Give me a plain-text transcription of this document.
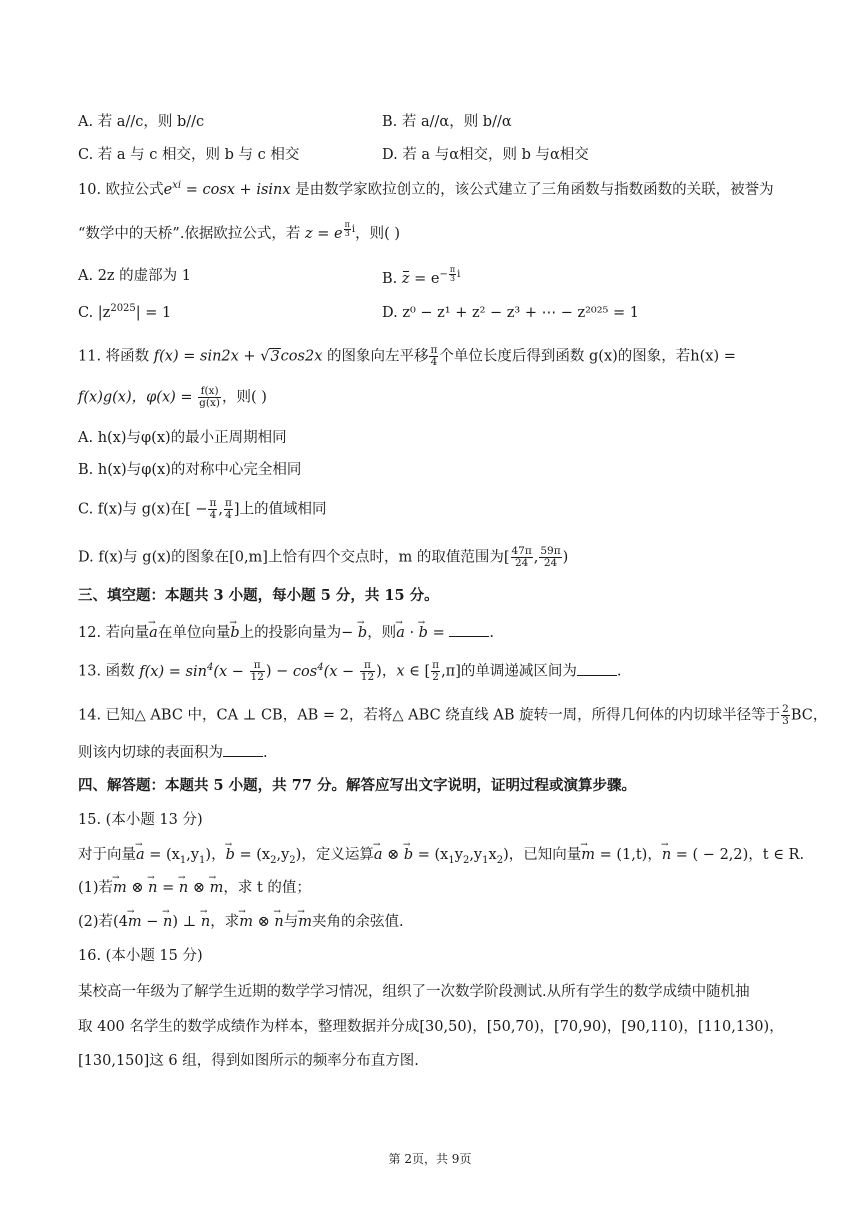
A. 若 a//c，则 b//c	B. 若 a//α，则 b//α
C. 若 a 与 c 相交，则 b 与 c 相交	D. 若 a 与α相交，则 b 与α相交
10. 欧拉公式$e^{xi} = \cos x + isinx$ 是由数学家欧拉创立的，该公式建立了三角函数与指数函数的关联，被誉为
“数学中的天桥”.依据欧拉公式，若 z = e $^{\frac{\pi}{3} i}$，则( )
A. 2z 的虚部为 1	B. $z = e^{- \frac{\pi}{3} i}$
C. $|z^{2025}| = 1$	D. z⁰ − z¹ + z² − z³ + ⋯ − z²⁰²⁵ = 1
11. 将函数 f(x) = sin2x + √3cos2x 的图象向左平移 $\frac{\pi}{4}$ 个单位长度后得到函数 g(x)的图象，若h(x) =
f(x)g(x)，$\varphi(x) = \frac{f(x)}{g(x)}$ ，则( )
A. h(x)与φ(x)的最小正周期相同
B. h(x)与φ(x)的对称中心完全相同
C. f(x)与 g(x)在[ − $\frac{\pi}{4}$ , $\frac{\pi}{4}$ ]上的值域相同
D. f(x)与 g(x)的图象在[0,m]上恰有四个交点时，m 的取值范围为[ $\frac{47\pi}{24}$ , $\frac{59\pi}{24}$ )
三、填空题：本题共 3 小题，每小题 5 分，共 15 分。
12. 若向量→ a在单位向量→ b上的投影向量为− → b，则→ a · → b =	.
13. 函数 $f(x) = \sin^4(x - \frac{\pi}{12}$ ) − $\cos^4(x - \frac{\pi}{12}$ )，x ∈ [ $\frac{\pi}{2} ,\pi$]的单调递减区间为	.
14. 已知△ ABC 中，CA ⊥ CB，AB = 2，若将△ ABC 绕直线 AB 旋转一周，所得几何体的内切球半径等于 $\frac{2}{3}$ BC，
则该内切球的表面积为	.
四、解答题：本题共 5 小题，共 77 分。解答应写出文字说明，证明过程或演算步骤。
15. (本小题 13 分)
对于向量→ $a = (x_1,y_1)$，→ $b = (x_2,y_2)$，定义运算→ a ⊗ → $b = (x_1y_2,y_1x_2)$，已知向量→ m = (1,t)，→ n = ( − 2,2)，t ∈ R.
(1)若→ m ⊗ → n = → n ⊗ → m，求 t 的值；
(2)若(4→ m − → n) ⊥ → n，求→ m ⊗ → n与→ m夹角的余弦值.
16. (本小题 15 分)
某校高一年级为了解学生近期的数学学习情况，组织了一次数学阶段测试.从所有学生的数学成绩中随机抽
取 400 名学生的数学成绩作为样本，整理数据并分成[30,50)，[50,70)，[70,90)，[90,110)，[110,130)，
[130,150]这 6 组，得到如图所示的频率分布直方图.
第 2页，共 9页
